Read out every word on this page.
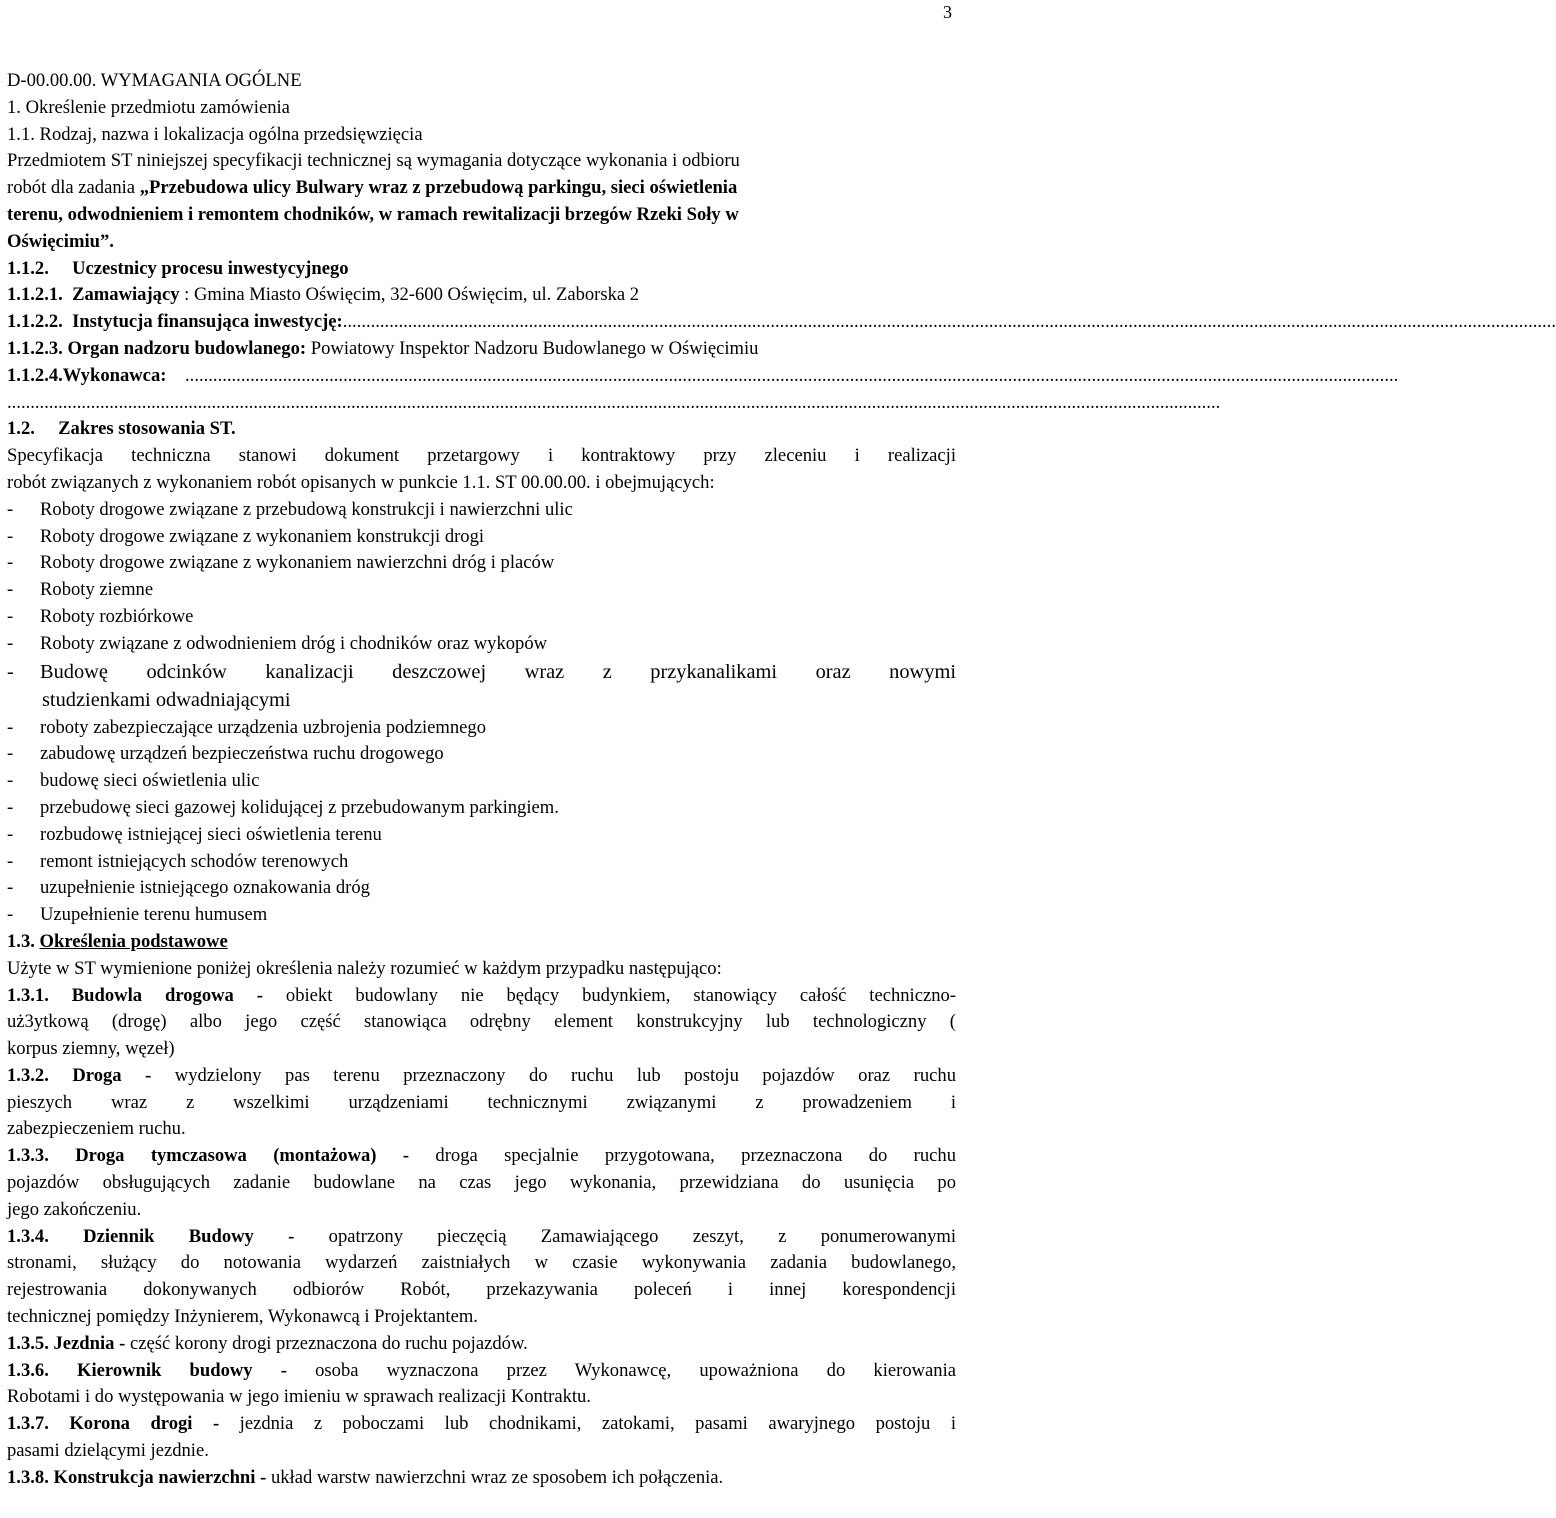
3
D-00.00.00. WYMAGANIA OGÓLNE
1. Określenie przedmiotu zamówienia
1.1. Rodzaj, nazwa i lokalizacja ogólna przedsięwzięcia
Przedmiotem ST niniejszej specyfikacji technicznej są wymagania dotyczące wykonania i odbioru
robót dla zadania „Przebudowa ulicy Bulwary wraz z przebudową parkingu, sieci oświetlenia
terenu, odwodnieniem i remontem chodników, w ramach rewitalizacji brzegów Rzeki Soły w
Oświęcimiu”.
1.1.2. Uczestnicy procesu inwestycyjnego
1.1.2.1. Zamawiający : Gmina Miasto Oświęcim, 32-600 Oświęcim, ul. Zaborska 2
1.1.2.2. Instytucja finansująca inwestycję: .....................................................................................................................................................................................................................................................................
1.1.2.3. Organ nadzoru budowlanego: Powiatowy Inspektor Nadzoru Budowlanego w Oświęcimiu
1.1.2.4.Wykonawca:
.....................................................................................................................................................................................................................................................................
.....................................................................................................................................................................................................................................................................
1.2. Zakres stosowania ST.
Specyfikacja techniczna stanowi dokument przetargowy i kontraktowy przy zleceniu i realizacji
robót związanych z wykonaniem robót opisanych w punkcie 1.1. ST 00.00.00. i obejmujących:
-	Roboty drogowe związane z przebudową konstrukcji i nawierzchni ulic
-	Roboty drogowe związane z wykonaniem konstrukcji drogi
-	Roboty drogowe związane z wykonaniem nawierzchni dróg i placów
-	Roboty ziemne
-	Roboty rozbiórkowe
-	Roboty związane z odwodnieniem dróg i chodników oraz wykopów
-	Budowę odcinków kanalizacji deszczowej wraz z przykanalikami oraz nowymi
studzienkami odwadniającymi
-	roboty zabezpieczające urządzenia uzbrojenia podziemnego
-	zabudowę urządzeń bezpieczeństwa ruchu drogowego
-	budowę sieci oświetlenia ulic
-	przebudowę sieci gazowej kolidującej z przebudowanym parkingiem.
-	rozbudowę istniejącej sieci oświetlenia terenu
-	remont istniejących schodów terenowych
-	uzupełnienie istniejącego oznakowania dróg
-	Uzupełnienie terenu humusem
1.3. Określenia podstawowe
Użyte w ST wymienione poniżej określenia należy rozumieć w każdym przypadku następująco:
1.3.1. Budowla drogowa - obiekt budowlany nie będący budynkiem, stanowiący całość techniczno-
uż3ytkową (drogę) albo jego część stanowiąca odrębny element konstrukcyjny lub technologiczny (
korpus ziemny, węzeł)
1.3.2. Droga - wydzielony pas terenu przeznaczony do ruchu lub postoju pojazdów oraz ruchu
pieszych wraz z wszelkimi urządzeniami technicznymi związanymi z prowadzeniem i
zabezpieczeniem ruchu.
1.3.3. Droga tymczasowa (montażowa) - droga specjalnie przygotowana, przeznaczona do ruchu
pojazdów obsługujących zadanie budowlane na czas jego wykonania, przewidziana do usunięcia po
jego zakończeniu.
1.3.4. Dziennik Budowy - opatrzony pieczęcią Zamawiającego zeszyt, z ponumerowanymi
stronami, służący do notowania wydarzeń zaistniałych w czasie wykonywania zadania budowlanego,
rejestrowania dokonywanych odbiorów Robót, przekazywania poleceń i innej korespondencji
technicznej pomiędzy Inżynierem, Wykonawcą i Projektantem.
1.3.5. Jezdnia - część korony drogi przeznaczona do ruchu pojazdów.
1.3.6. Kierownik budowy - osoba wyznaczona przez Wykonawcę, upoważniona do kierowania
Robotami i do występowania w jego imieniu w sprawach realizacji Kontraktu.
1.3.7. Korona drogi - jezdnia z poboczami lub chodnikami, zatokami, pasami awaryjnego postoju i
pasami dzielącymi jezdnie.
1.3.8. Konstrukcja nawierzchni - układ warstw nawierzchni wraz ze sposobem ich połączenia.
